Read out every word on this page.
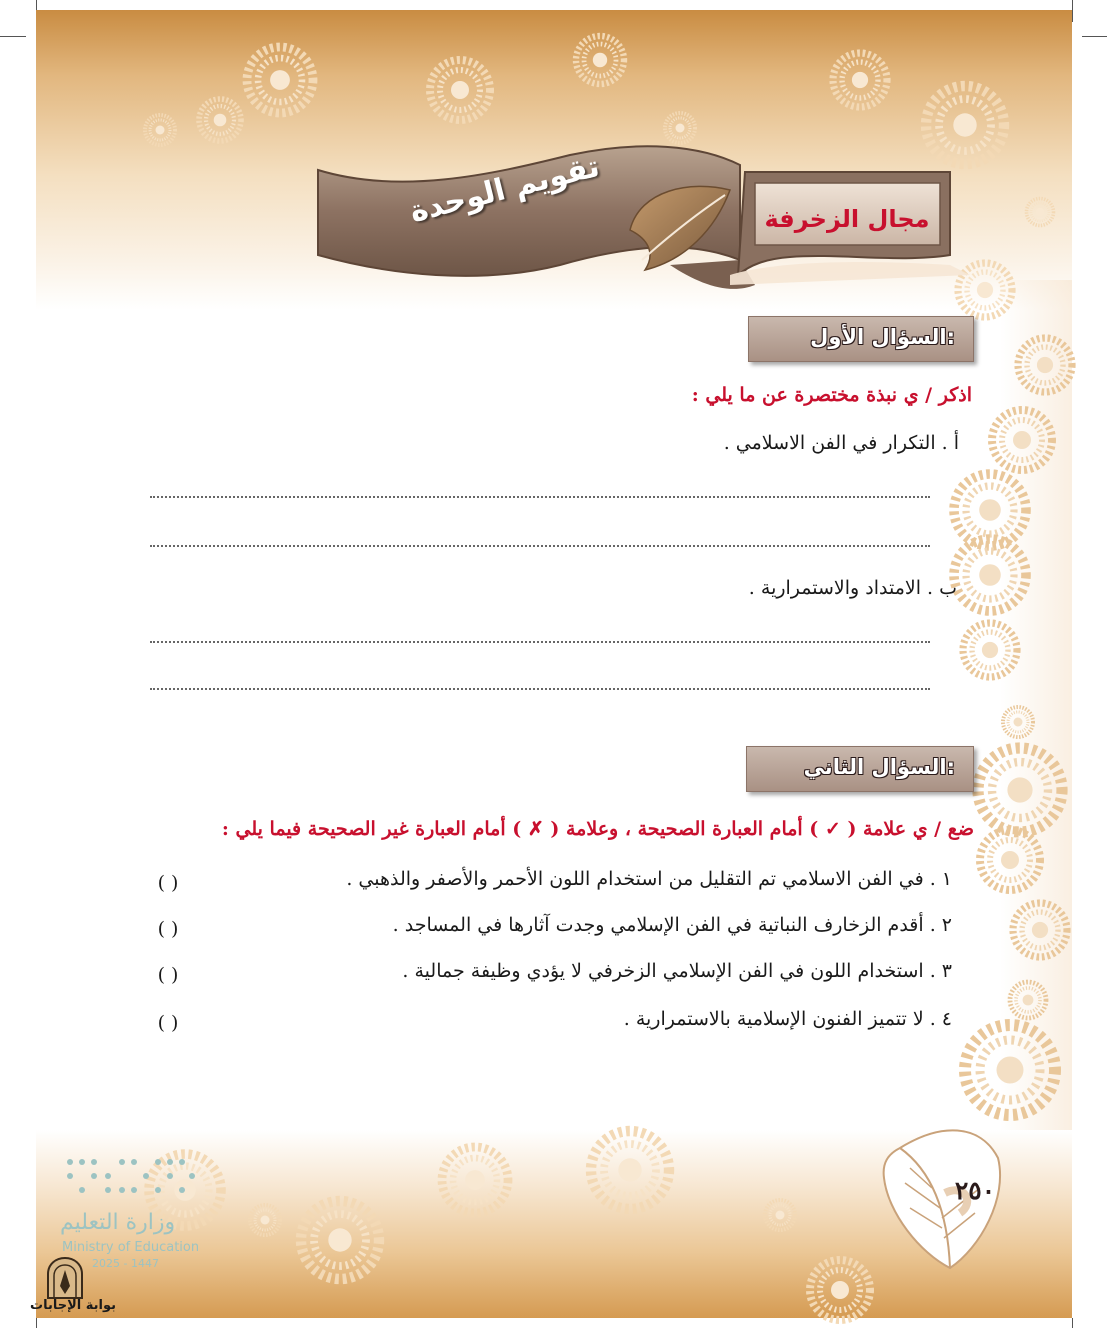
تقويم الوحدة	مجال الزخرفة
السؤال الأول:
اذكر / ي نبذة مختصرة عن ما يلي :
أ . التكرار في الفن الاسلامي .
ب . الامتداد والاستمرارية .
السؤال الثاني:
ضع / ي علامة ( ✓ ) أمام العبارة الصحيحة ، وعلامة ( ✗ ) أمام العبارة غير الصحيحة فيما يلي :
١ . في الفن الاسلامي تم التقليل من استخدام اللون الأحمر والأصفر والذهبي .
( )
٢ . أقدم الزخارف النباتية في الفن الإسلامي وجدت آثارها في المساجد .
( )
٣ . استخدام اللون في الفن الإسلامي الزخرفي لا يؤدي وظيفة جمالية .
( )
٤ . لا تتميز الفنون الإسلامية بالاستمرارية .
( )
٢٥٠
وزارة التعليم
Ministry of Education
2025 - 1447
بوابة الإجابات
